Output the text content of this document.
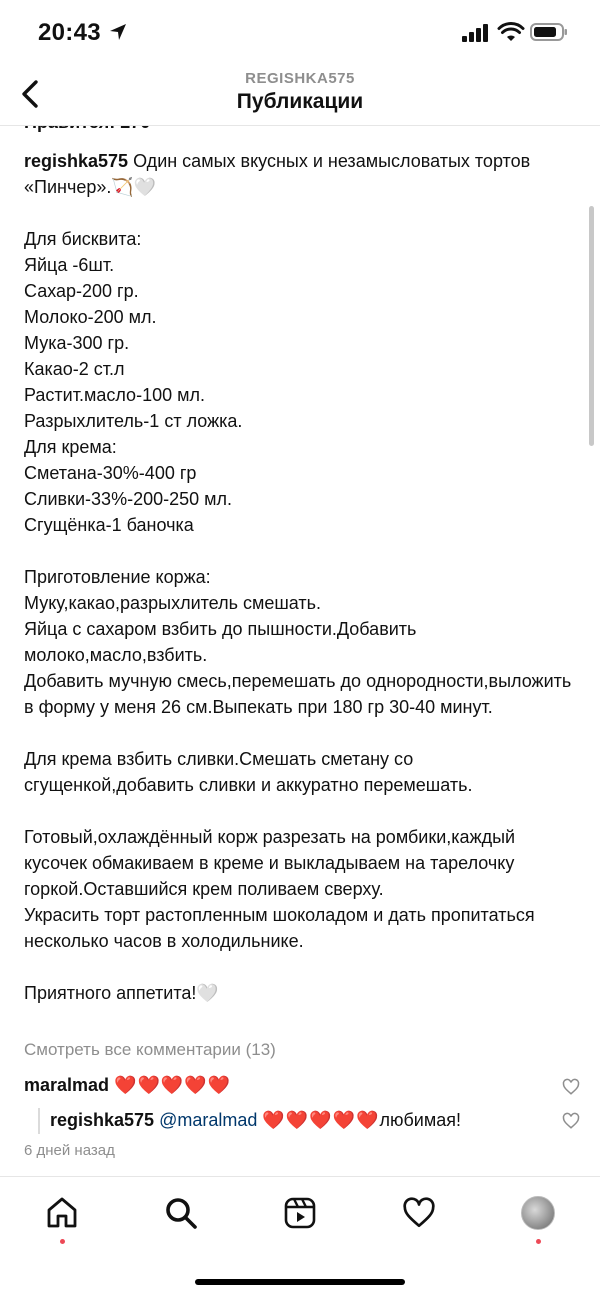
20:43
REGISHKA575
Публикации
regishka575 Один самых вкусных и незамысловатых тортов «Пинчер».🏹🤍

Для бисквита:
Яйца -6шт.
Сахар-200 гр.
Молоко-200 мл.
Мука-300 гр.
Какао-2 ст.л
Растит.масло-100 мл.
Разрыхлитель-1 ст ложка.
Для крема:
Сметана-30%-400 гр
Сливки-33%-200-250 мл.
Сгущёнка-1 баночка

Приготовление коржа:
Муку,какао,разрыхлитель смешать.
Яйца с сахаром взбить до пышности.Добавить молоко,масло,взбить.
Добавить мучную смесь,перемешать до однородности,выложить в форму у меня 26 см.Выпекать при 180 гр 30-40 минут.

Для крема взбить сливки.Смешать сметану со сгущенкой,добавить сливки и аккуратно перемешать.

Готовый,охлаждённый корж разрезать на ромбики,каждый кусочек обмакиваем в креме и выкладываем на тарелочку горкой.Оставшийся крем поливаем сверху.
Украсить торт растопленным шоколадом и дать пропитаться несколько часов в холодильнике.

Приятного аппетита!🤍
Смотреть все комментарии (13)
maralmad ❤️❤️❤️❤️❤️
regishka575 @maralmad ❤️❤️❤️❤️❤️любимая!
6 дней назад
